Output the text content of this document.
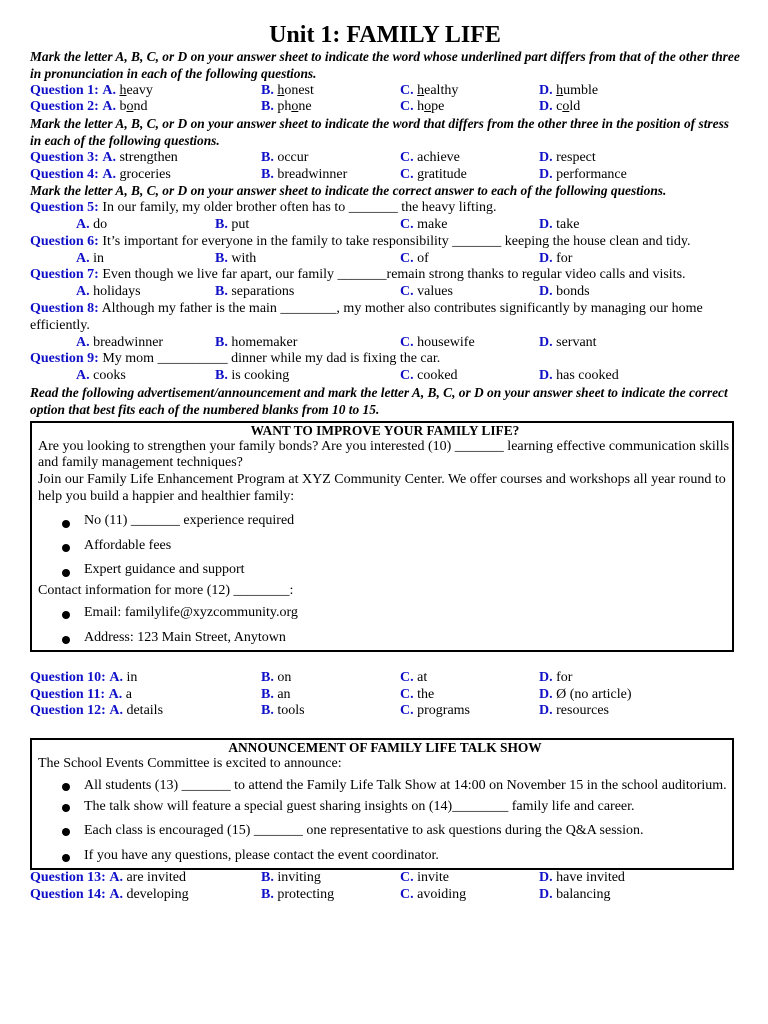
Unit 1: FAMILY LIFE
Mark the letter A, B, C, or D on your answer sheet to indicate the word whose underlined part differs from that of the other three in pronunciation in each of the following questions.
Question 1: A. heavy	B. honest	C. healthy	D. humble
Question 2: A. bond	B. phone	C. hope	D. cold
Mark the letter A, B, C, or D on your answer sheet to indicate the word that differs from the other three in the position of stress in each of the following questions.
Question 3: A. strengthen	B. occur	C. achieve	D. respect
Question 4: A. groceries	B. breadwinner	C. gratitude	D. performance
Mark the letter A, B, C, or D on your answer sheet to indicate the correct answer to each of the following questions.
Question 5: In our family, my older brother often has to _______ the heavy lifting.
A. do	B. put	C. make	D. take
Question 6: It’s important for everyone in the family to take responsibility _______ keeping the house clean and tidy.
A. in	B. with	C. of	D. for
Question 7: Even though we live far apart, our family _______remain strong thanks to regular video calls and visits.
A. holidays	B. separations	C. values	D. bonds
Question 8: Although my father is the main ________, my mother also contributes significantly by managing our home efficiently.
A. breadwinner	B. homemaker	C. housewife	D. servant
Question 9: My mom __________ dinner while my dad is fixing the car.
A. cooks	B. is cooking	C. cooked	D. has cooked
Read the following advertisement/announcement and mark the letter A, B, C, or D on your answer sheet to indicate the correct option that best fits each of the numbered blanks from 10 to 15.
WANT TO IMPROVE YOUR FAMILY LIFE?

Are you looking to strengthen your family bonds? Are you interested (10) _______ learning effective communication skills and family management techniques?

Join our Family Life Enhancement Program at XYZ Community Center. We offer courses and workshops all year round to help you build a happier and healthier family:

No (11) _______ experience required
Affordable fees
Expert guidance and support

Contact information for more (12) ________:

Email: familylife@xyzcommunity.org
Address: 123 Main Street, Anytown
Question 10: A. in	B. on	C. at	D. for
Question 11: A. a	B. an	C. the	D. Ø (no article)
Question 12: A. details	B. tools	C. programs	D. resources
ANNOUNCEMENT OF FAMILY LIFE TALK SHOW

The School Events Committee is excited to announce:

All students (13) _______ to attend the Family Life Talk Show at 14:00 on November 15 in the school auditorium.
The talk show will feature a special guest sharing insights on (14)________ family life and career.
Each class is encouraged (15) _______ one representative to ask questions during the Q&A session.
If you have any questions, please contact the event coordinator.
Question 13: A. are invited	B. inviting	C. invite	D. have invited
Question 14: A. developing	B. protecting	C. avoiding	D. balancing
